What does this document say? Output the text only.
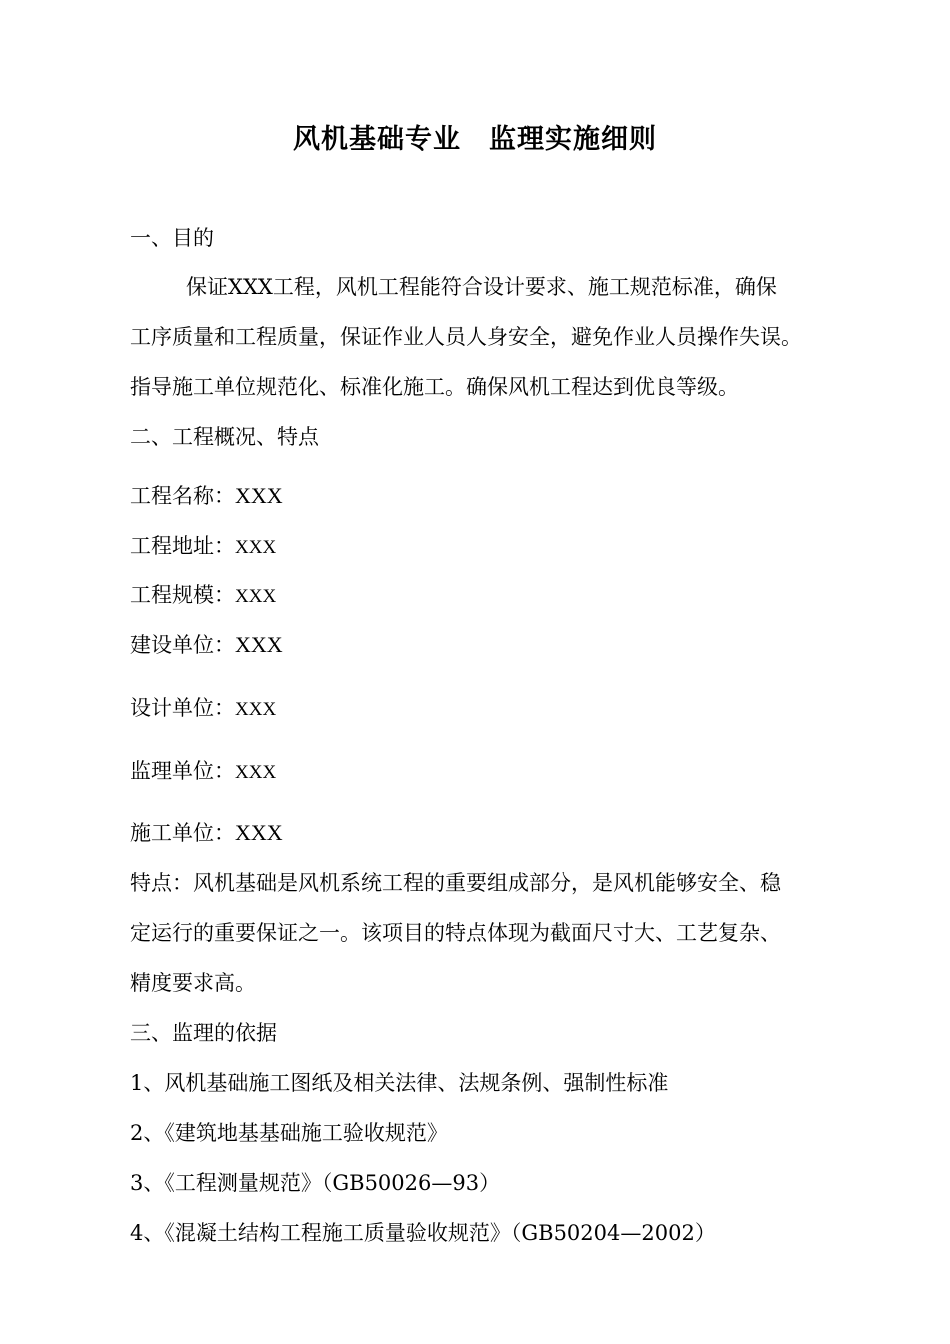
风机基础专业　监理实施细则
一、目的
保证XXX工程，风机工程能符合设计要求、施工规范标准，确保
工序质量和工程质量，保证作业人员人身安全，避免作业人员操作失误。
指导施工单位规范化、标准化施工。确保风机工程达到优良等级。
二、工程概况、特点
工程名称：XXX
工程地址：XXX
工程规模：XXX
建设单位：XXX
设计单位：XXX
监理单位：XXX
施工单位：XXX
特点：风机基础是风机系统工程的重要组成部分，是风机能够安全、稳
定运行的重要保证之一。该项目的特点体现为截面尺寸大、工艺复杂、
精度要求高。
三、监理的依据
1、风机基础施工图纸及相关法律、法规条例、强制性标准
2、《建筑地基基础施工验收规范》
3、《工程测量规范》（GB50026—93）
4、《混凝土结构工程施工质量验收规范》（GB50204—2002）
